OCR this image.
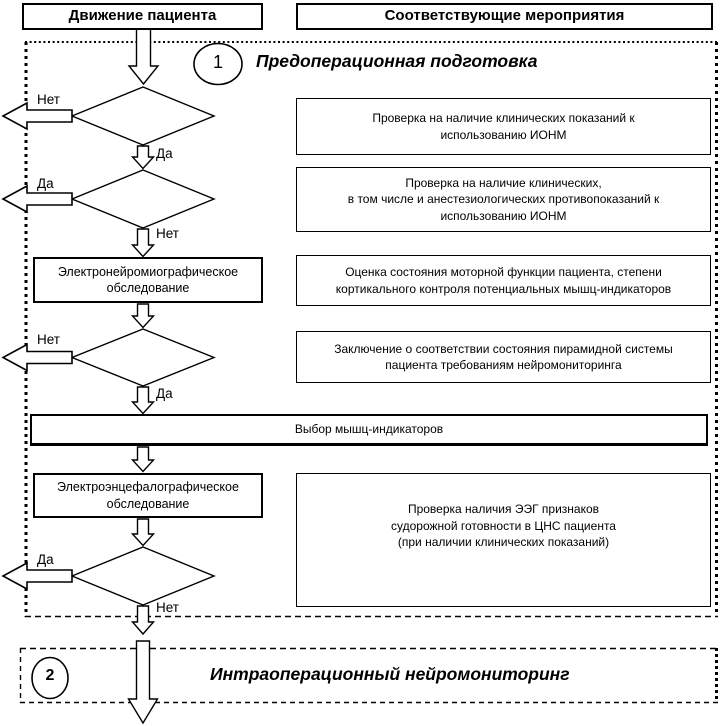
Движение пациента	Соответствующие мероприятия
1	Предоперационная подготовка
2	Интраоперационный нейромониторинг
Проверка на наличие клинических показаний к
использованию ИОНМ
Проверка на наличие клинических,
в том числе и анестезиологических противопоказаний к
использованию ИОНМ
Оценка состояния моторной функции пациента, степени
кортикального контроля потенциальных мышц-индикаторов
Заключение о соответствии состояния пирамидной системы
пациента требованиям нейромониторинга
Проверка наличия ЭЭГ признаков
судорожной готовности в ЦНС пациента
(при наличии клинических показаний)
Электронейромиографическое
обследование
Выбор мышц-индикаторов
Электроэнцефалографическое
обследование
Нет
Да
Да
Нет
Нет
Да
Да
Нет
